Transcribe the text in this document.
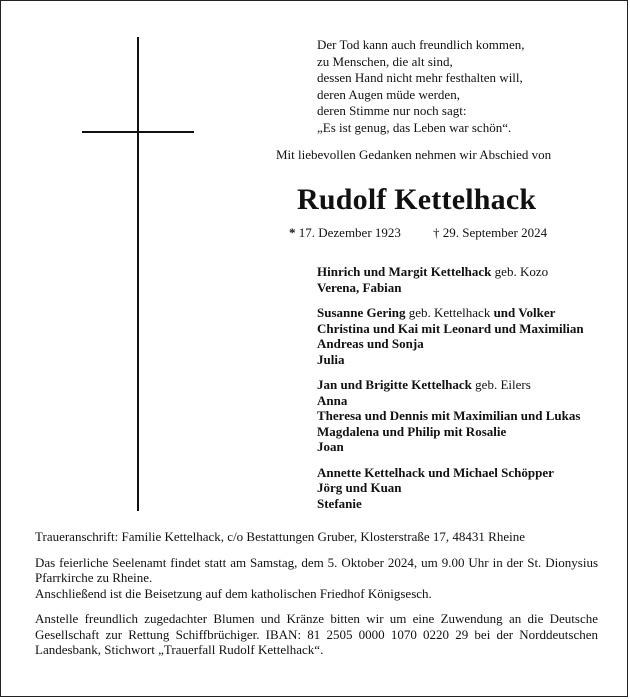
Der Tod kann auch freundlich kommen,
zu Menschen, die alt sind,
dessen Hand nicht mehr festhalten will,
deren Augen müde werden,
deren Stimme nur noch sagt:
„Es ist genug, das Leben war schön“.
Mit liebevollen Gedanken nehmen wir Abschied von
Rudolf Kettelhack
* 17. Dezember 1923 † 29. September 2024
Hinrich und Margit Kettelhack geb. Kozo
Verena, Fabian
Susanne Gering geb. Kettelhack und Volker
Christina und Kai mit Leonard und Maximilian
Andreas und Sonja
Julia
Jan und Brigitte Kettelhack geb. Eilers
Anna
Theresa und Dennis mit Maximilian und Lukas
Magdalena und Philip mit Rosalie
Joan
Annette Kettelhack und Michael Schöpper
Jörg und Kuan
Stefanie

Traueranschrift: Familie Kettelhack, c/o Bestattungen Gruber, Klosterstraße 17, 48431 Rheine

Das feierliche Seelenamt findet statt am Samstag, dem 5. Oktober 2024, um 9.00 Uhr in der St. Dionysius Pfarrkirche zu Rheine.

Anschließend ist die Beisetzung auf dem katholischen Friedhof Königsesch.

Anstelle freundlich zugedachter Blumen und Kränze bitten wir um eine Zuwendung an die Deutsche Gesellschaft zur Rettung Schiffbrüchiger. IBAN: 81 2505 0000 1070 0220 29 bei der Norddeutschen Landesbank, Stichwort „Trauerfall Rudolf Kettelhack“.
